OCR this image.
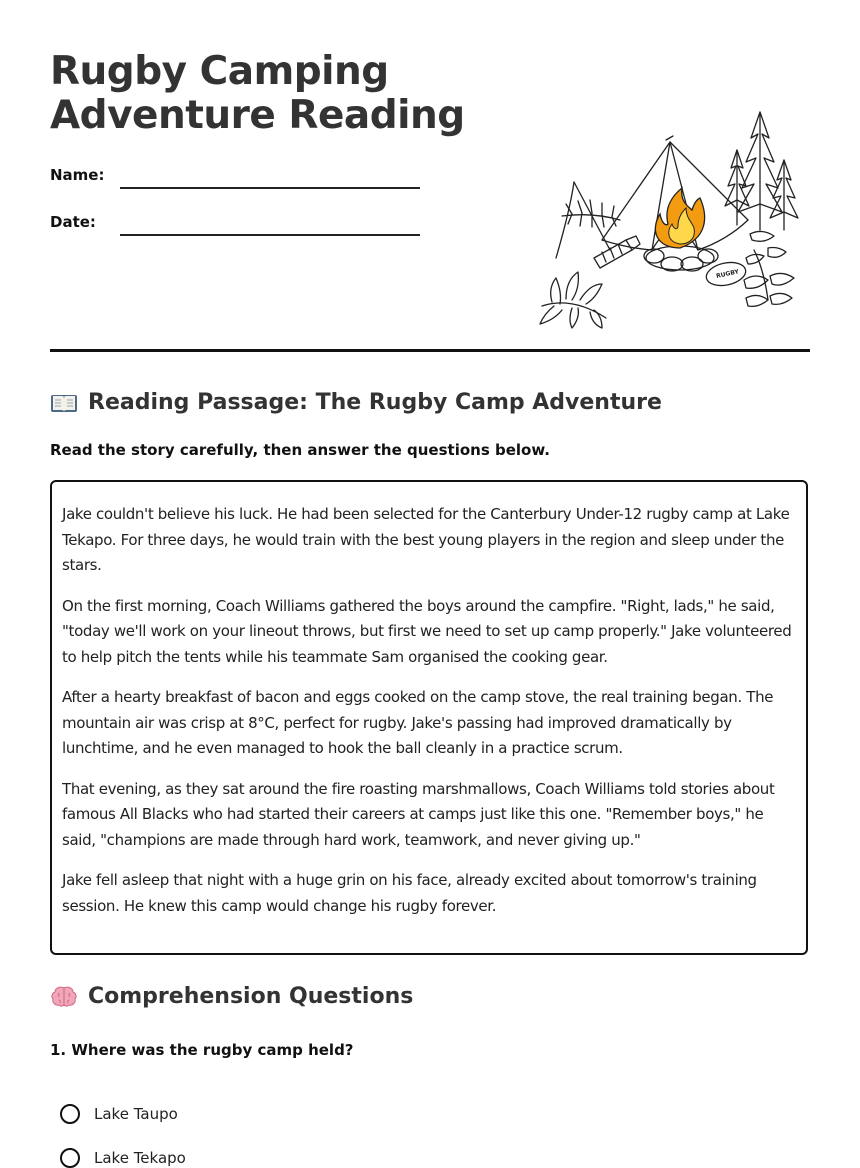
Rugby Camping Adventure Reading
Name:
Date:
RUGBY
Reading Passage: The Rugby Camp Adventure
Read the story carefully, then answer the questions below.

Jake couldn't believe his luck. He had been selected for the Canterbury Under-12 rugby camp at Lake Tekapo. For three days, he would train with the best young players in the region and sleep under the stars.

On the first morning, Coach Williams gathered the boys around the campfire. "Right, lads," he said, "today we'll work on your lineout throws, but first we need to set up camp properly." Jake volunteered to help pitch the tents while his teammate Sam organised the cooking gear.

After a hearty breakfast of bacon and eggs cooked on the camp stove, the real training began. The mountain air was crisp at 8°C, perfect for rugby. Jake's passing had improved dramatically by lunchtime, and he even managed to hook the ball cleanly in a practice scrum.

That evening, as they sat around the fire roasting marshmallows, Coach Williams told stories about famous All Blacks who had started their careers at camps just like this one. "Remember boys," he said, "champions are made through hard work, teamwork, and never giving up."

Jake fell asleep that night with a huge grin on his face, already excited about tomorrow's training session. He knew this camp would change his rugby forever.

Comprehension Questions
1. Where was the rugby camp held?
Lake Taupo
Lake Tekapo
